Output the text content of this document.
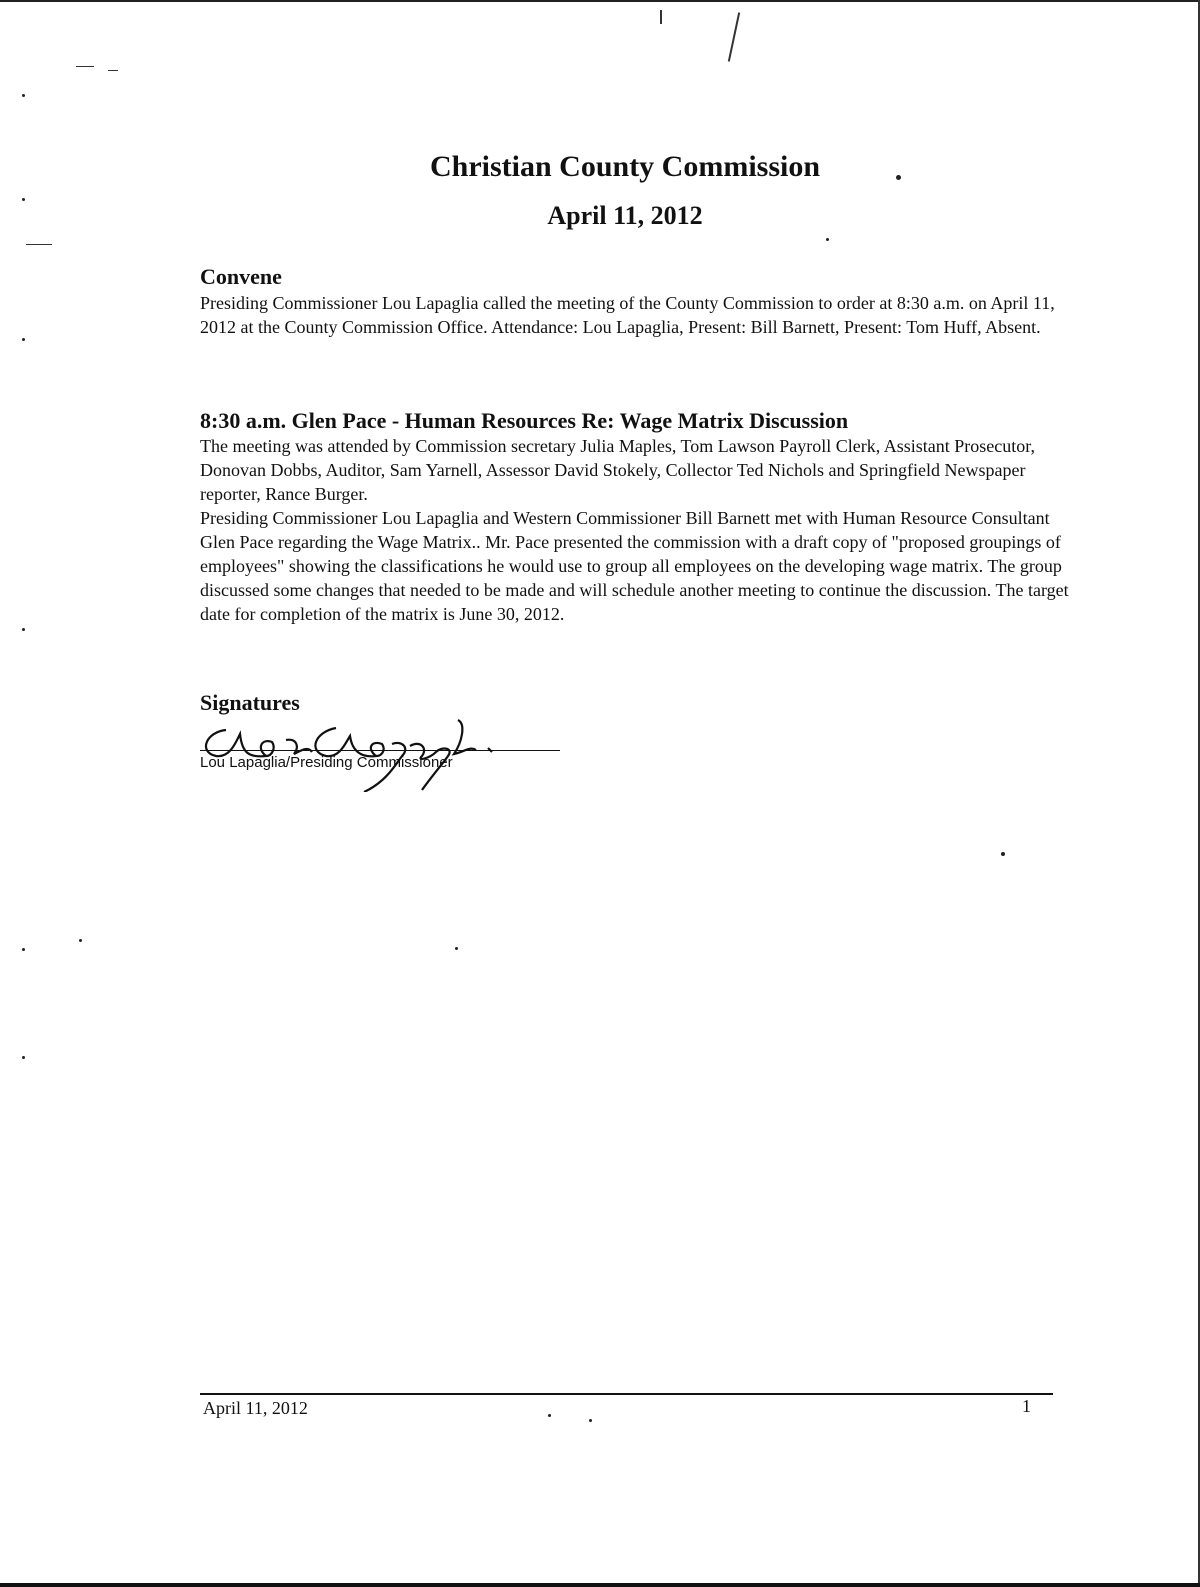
Christian County Commission
April 11, 2012
Convene

Presiding Commissioner Lou Lapaglia called the meeting of the County Commission to order at 8:30 a.m. on April 11, 2012 at the County Commission Office. Attendance: Lou Lapaglia, Present: Bill Barnett, Present: Tom Huff, Absent.

8:30 a.m. Glen Pace - Human Resources Re: Wage Matrix Discussion

The meeting was attended by Commission secretary Julia Maples, Tom Lawson Payroll Clerk, Assistant Prosecutor, Donovan Dobbs, Auditor, Sam Yarnell, Assessor David Stokely, Collector Ted Nichols and Springfield Newspaper reporter, Rance Burger.

Presiding Commissioner Lou Lapaglia and Western Commissioner Bill Barnett met with Human Resource Consultant Glen Pace regarding the Wage Matrix.. Mr. Pace presented the commission with a draft copy of "proposed groupings of employees" showing the classifications he would use to group all employees on the developing wage matrix. The group discussed some changes that needed to be made and will schedule another meeting to continue the discussion. The target date for completion of the matrix is June 30, 2012.

Signatures
Lou Lapaglia/Presiding Commissioner
April 11, 2012	1
